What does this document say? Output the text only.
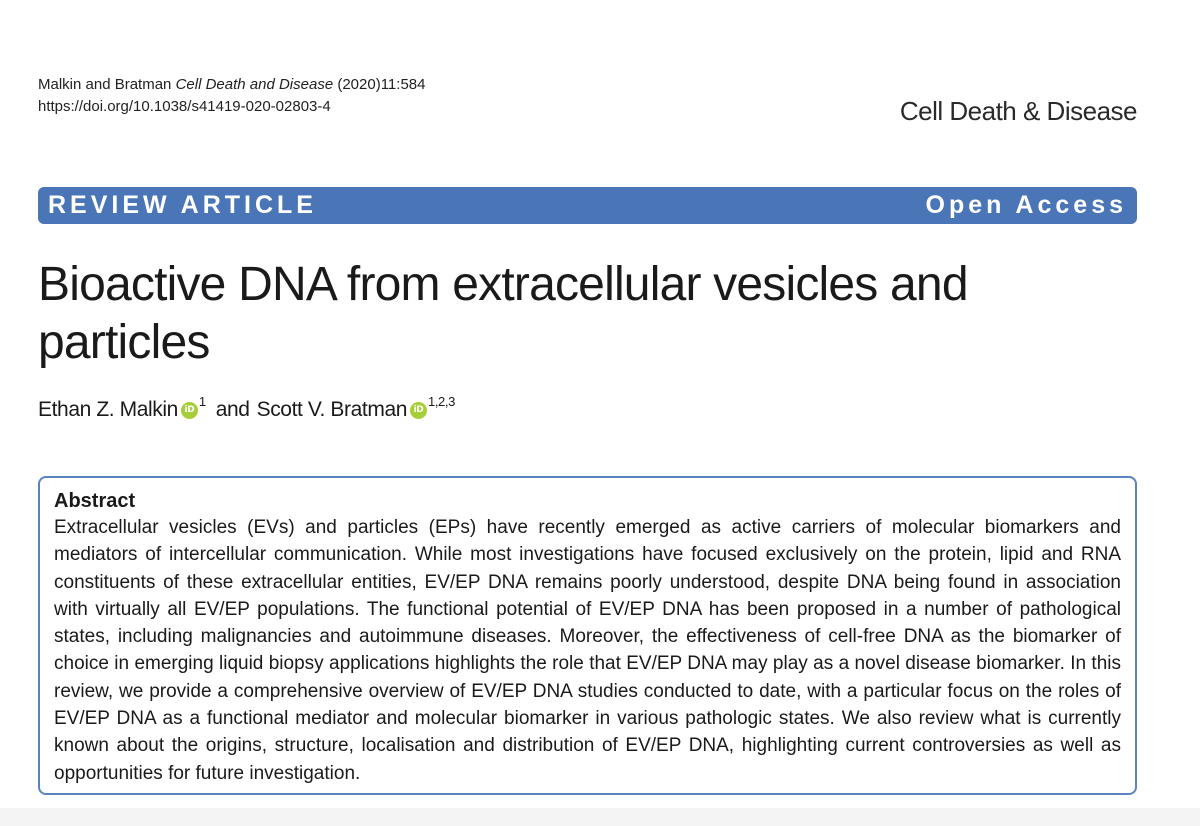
Malkin and Bratman Cell Death and Disease (2020)11:584
https://doi.org/10.1038/s41419-020-02803-4	Cell Death & Disease
REVIEW ARTICLE	Open Access
Bioactive DNA from extracellular vesicles and particles
Ethan Z. Malkin iD
1 and Scott V. Bratman iD
1,2,3

Abstract

Extracellular vesicles (EVs) and particles (EPs) have recently emerged as active carriers of molecular biomarkers and mediators of intercellular communication. While most investigations have focused exclusively on the protein, lipid and RNA constituents of these extracellular entities, EV/EP DNA remains poorly understood, despite DNA being found in association with virtually all EV/EP populations. The functional potential of EV/EP DNA has been proposed in a number of pathological states, including malignancies and autoimmune diseases. Moreover, the effectiveness of cell-free DNA as the biomarker of choice in emerging liquid biopsy applications highlights the role that EV/EP DNA may play as a novel disease biomarker. In this review, we provide a comprehensive overview of EV/EP DNA studies conducted to date, with a particular focus on the roles of EV/EP DNA as a functional mediator and molecular biomarker in various pathologic states. We also review what is currently known about the origins, structure, localisation and distribution of EV/EP DNA, highlighting current controversies as well as opportunities for future investigation.
